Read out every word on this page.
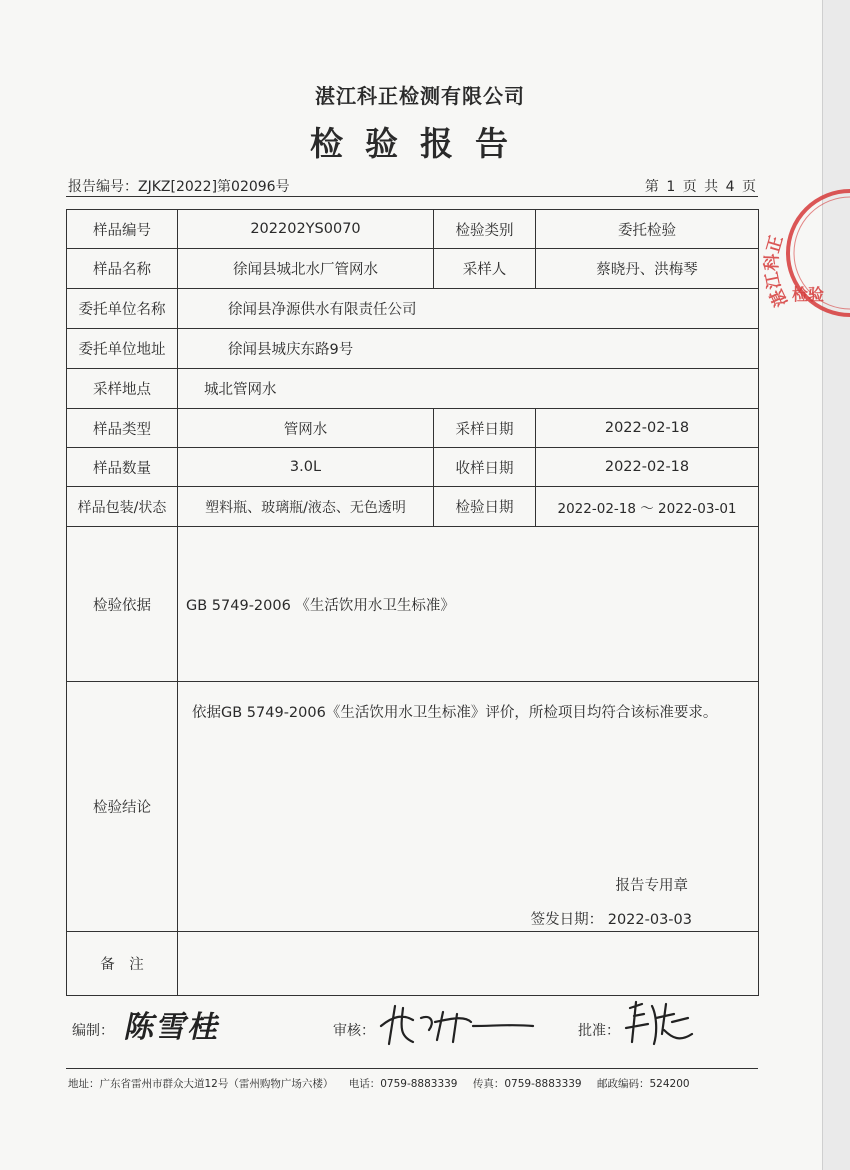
湛江科正检测有限公司
检验报告
报告编号：ZJKZ[2022]第02096号	第 1 页 共 4 页
样品编号	202202YS0070	检验类别	委托检验
样品名称	徐闻县城北水厂管网水	采样人	蔡晓丹、洪梅琴
委托单位名称	徐闻县净源供水有限责任公司		
委托单位地址	徐闻县城庆东路9号		
采样地点	城北管网水		
样品类型	管网水	采样日期	2022-02-18
样品数量	3.0L	收样日期	2022-02-18
样品包装/状态	塑料瓶、玻璃瓶/液态、无色透明	检验日期	2022-02-18 ～ 2022-03-01
检验依据	GB 5749-2006 《生活饮用水卫生标准》		
检验结论	依据GB 5749-2006《生活饮用水卫生标准》评价，所检项目均符合该标准要求。
报告专用章
签发日期： 2022-03-03		

备　注			
编制： 陈雪桂	审核：	批准：
地址：广东省雷州市群众大道12号（雷州购物广场六楼） 电话：0759-8883339 传真：0759-8883339 邮政编码：524200
湛江科正
检验
